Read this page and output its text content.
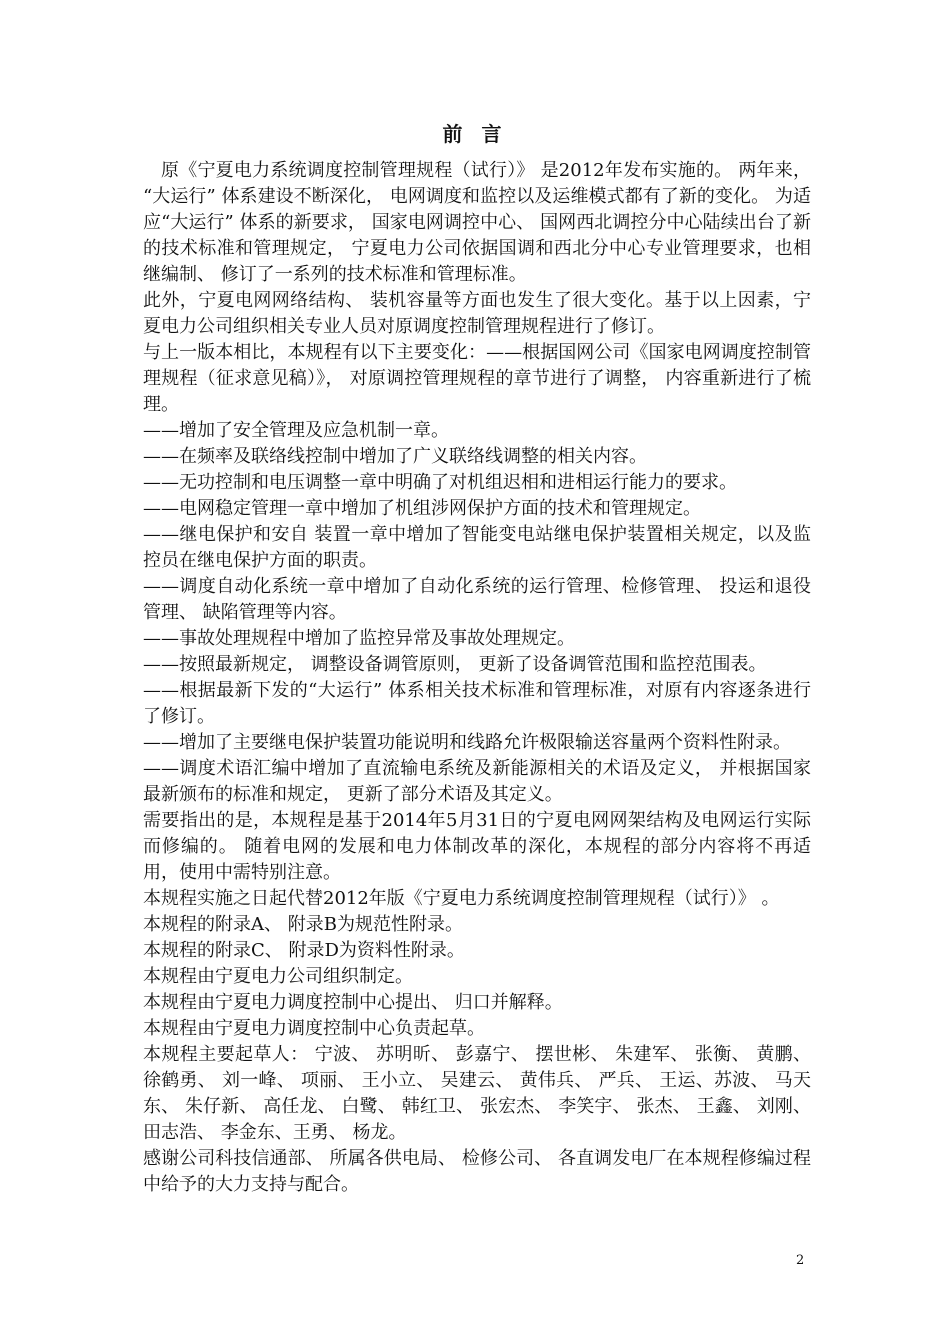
前 言

原《宁夏电力系统调度控制管理规程（试行）》 是2012年发布实施的。 两年来， “大运行” 体系建设不断深化， 电网调度和监控以及运维模式都有了新的变化。 为适应“大运行” 体系的新要求， 国家电网调控中心、 国网西北调控分中心陆续出台了新的技术标准和管理规定， 宁夏电力公司依据国调和西北分中心专业管理要求，也相继编制、 修订了一系列的技术标准和管理标准。

此外，宁夏电网网络结构、 装机容量等方面也发生了很大变化。基于以上因素，宁夏电力公司组织相关专业人员对原调度控制管理规程进行了修订。

与上一版本相比，本规程有以下主要变化：——根据国网公司《国家电网调度控制管理规程（征求意见稿）》， 对原调控管理规程的章节进行了调整， 内容重新进行了梳理。

——增加了安全管理及应急机制一章。

——在频率及联络线控制中增加了广义联络线调整的相关内容。

——无功控制和电压调整一章中明确了对机组迟相和进相运行能力的要求。

——电网稳定管理一章中增加了机组涉网保护方面的技术和管理规定。

——继电保护和安自 装置一章中增加了智能变电站继电保护装置相关规定，以及监控员在继电保护方面的职责。

——调度自动化系统一章中增加了自动化系统的运行管理、检修管理、 投运和退役管理、 缺陷管理等内容。

——事故处理规程中增加了监控异常及事故处理规定。

——按照最新规定， 调整设备调管原则， 更新了设备调管范围和监控范围表。

——根据最新下发的“大运行” 体系相关技术标准和管理标准，对原有内容逐条进行了修订。

——增加了主要继电保护装置功能说明和线路允许极限输送容量两个资料性附录。

——调度术语汇编中增加了直流输电系统及新能源相关的术语及定义， 并根据国家最新颁布的标准和规定， 更新了部分术语及其定义。

需要指出的是，本规程是基于2014年5月31日的宁夏电网网架结构及电网运行实际而修编的。 随着电网的发展和电力体制改革的深化，本规程的部分内容将不再适用，使用中需特别注意。

本规程实施之日起代替2012年版《宁夏电力系统调度控制管理规程（试行）》 。

本规程的附录A、 附录B为规范性附录。

本规程的附录C、 附录D为资料性附录。

本规程由宁夏电力公司组织制定。

本规程由宁夏电力调度控制中心提出、 归口并解释。

本规程由宁夏电力调度控制中心负责起草。

本规程主要起草人： 宁波、 苏明昕、 彭嘉宁、 摆世彬、 朱建军、 张衡、 黄鹏、 徐鹤勇、 刘一峰、 项丽、 王小立、 吴建云、 黄伟兵、 严兵、 王运、苏波、 马天东、 朱仔新、 高任龙、 白鹭、 韩红卫、 张宏杰、 李笑宇、 张杰、 王鑫、 刘刚、 田志浩、 李金东、王勇、 杨龙。

感谢公司科技信通部、 所属各供电局、 检修公司、 各直调发电厂在本规程修编过程中给予的大力支持与配合。

2
